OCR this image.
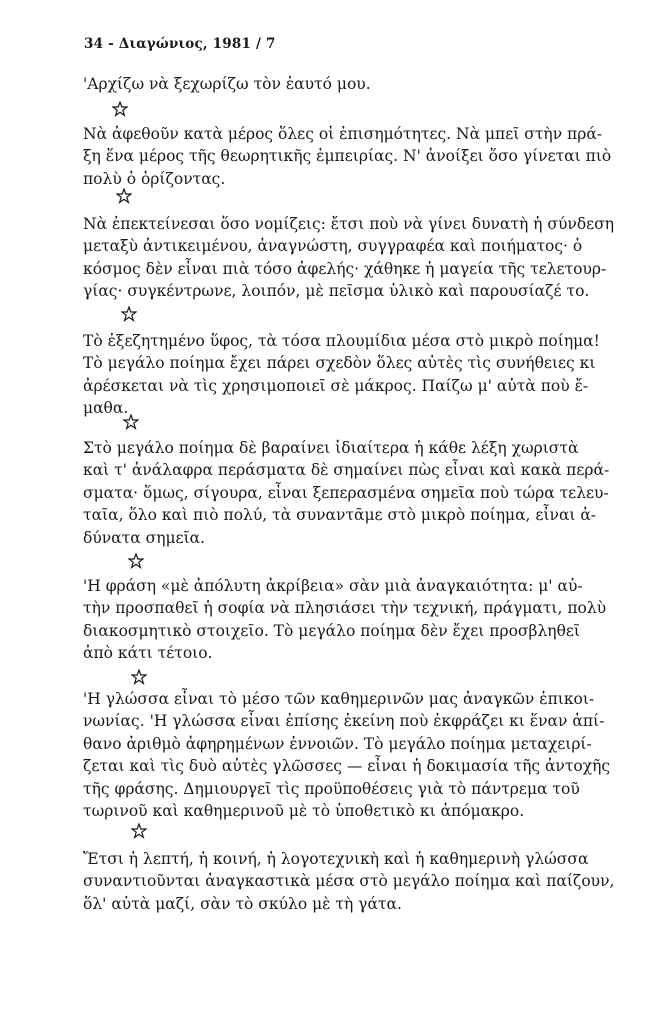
34 - Διαγώνιος, 1981 / 7
'Αρχίζω νὰ ξεχωρίζω τὸν ἑαυτό μου.
Νὰ ἀφεθοῦν κατὰ μέρος ὅλες οἱ ἐπισημότητες. Νὰ μπεῖ στὴν πρά-
ξη ἕνα μέρος τῆς θεωρητικῆς ἐμπειρίας. Ν' ἀνοίξει ὅσο γίνεται πιὸ
πολὺ ὁ ὁρίζοντας.
Νὰ ἐπεκτείνεσαι ὅσο νομίζεις: ἔτσι ποὺ νὰ γίνει δυνατὴ ἡ σύνδεση
μεταξὺ ἀντικειμένου, ἀναγνώστη, συγγραφέα καὶ ποιήματος· ὁ
κόσμος δὲν εἶναι πιὰ τόσο ἀφελής· χάθηκε ἡ μαγεία τῆς τελετουρ-
γίας· συγκέντρωνε, λοιπόν, μὲ πεῖσμα ὑλικὸ καὶ παρουσίαζέ το.
Τὸ ἐξεζητημένο ὕφος, τὰ τόσα πλουμίδια μέσα στὸ μικρὸ ποίημα!
Τὸ μεγάλο ποίημα ἔχει πάρει σχεδὸν ὅλες αὐτὲς τὶς συνήθειες κι
ἀρέσκεται νὰ τὶς χρησιμοποιεῖ σὲ μάκρος. Παίζω μ' αὐτὰ ποὺ ἔ-
μαθα.
Στὸ μεγάλο ποίημα δὲ βαραίνει ἰδιαίτερα ἡ κάθε λέξη χωριστὰ
καὶ τ' ἀνάλαφρα περάσματα δὲ σημαίνει πὼς εἶναι καὶ κακὰ περά-
σματα· ὅμως, σίγουρα, εἶναι ξεπερασμένα σημεῖα ποὺ τώρα τελευ-
ταῖα, ὅλο καὶ πιὸ πολύ, τὰ συναντᾶμε στὸ μικρὸ ποίημα, εἶναι ἀ-
δύνατα σημεῖα.
'Η φράση «μὲ ἀπόλυτη ἀκρίβεια» σὰν μιὰ ἀναγκαιότητα: μ' αὐ-
τὴν προσπαθεῖ ἡ σοφία νὰ πλησιάσει τὴν τεχνική, πράγματι, πολὺ
διακοσμητικὸ στοιχεῖο. Τὸ μεγάλο ποίημα δὲν ἔχει προσβληθεῖ
ἀπὸ κάτι τέτοιο.
'Η γλώσσα εἶναι τὸ μέσο τῶν καθημερινῶν μας ἀναγκῶν ἐπικοι-
νωνίας. 'Η γλώσσα εἶναι ἐπίσης ἐκείνη ποὺ ἐκφράζει κι ἕναν ἀπί-
θανο ἀριθμὸ ἀφηρημένων ἐννοιῶν. Τὸ μεγάλο ποίημα μεταχειρί-
ζεται καὶ τὶς δυὸ αὐτὲς γλῶσσες — εἶναι ἡ δοκιμασία τῆς ἀντοχῆς
τῆς φράσης. Δημιουργεῖ τὶς προϋποθέσεις γιὰ τὸ πάντρεμα τοῦ
τωρινοῦ καὶ καθημερινοῦ μὲ τὸ ὑποθετικὸ κι ἀπόμακρο.
Ἔτσι ἡ λεπτή, ἡ κοινή, ἡ λογοτεχνικὴ καὶ ἡ καθημερινὴ γλώσσα
συναντιοῦνται ἀναγκαστικὰ μέσα στὸ μεγάλο ποίημα καὶ παίζουν,
ὅλ' αὐτὰ μαζί, σὰν τὸ σκύλο μὲ τὴ γάτα.
